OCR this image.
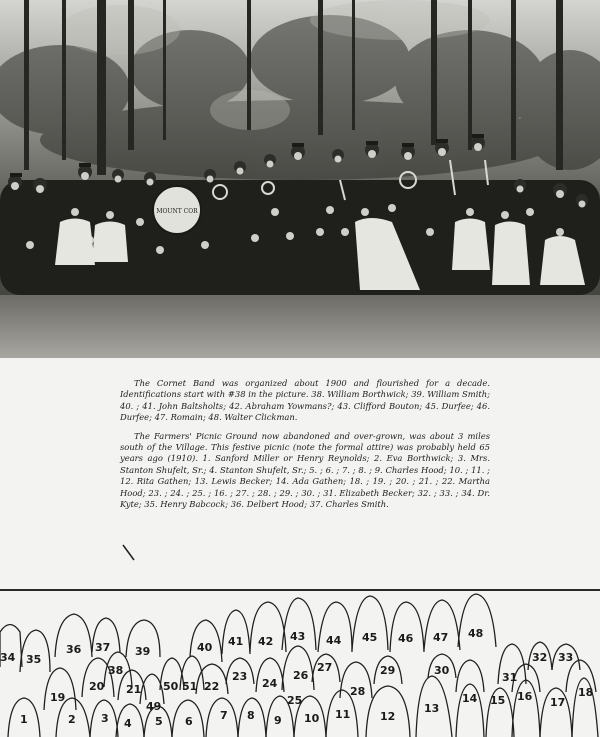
MOUNT COR

The Cornet Band was organized about 1900 and flourished for a decade. Identifications start with #38 in the picture. 38. William Borthwick; 39. William Smith; 40. ; 41. John Baltsholts; 42. Abraham Yowmans?; 43. Clifford Bouton; 45. Durfee; 46. Durfee; 47. Romain; 48. Walter Clickman.

The Farmers' Picnic Ground now abandoned and over-grown, was about 3 miles south of the Village. This festive picnic (note the formal attire) was probably held 65 years ago (1910). 1. Sanford Miller or Henry Reynolds; 2. Eva Borthwick; 3. Mrs. Stanton Shufelt, Sr.; 4. Stanton Shufelt, Sr.; 5. ; 6. ; 7. ; 8. ; 9. Charles Hood; 10. ; 11. ; 12. Rita Gathen; 13. Lewis Becker; 14. Ada Gathen; 18. ; 19. ; 20. ; 21. ; 22. Martha Hood; 23. ; 24. ; 25. ; 16. ; 27. ; 28. ; 29. ; 30. ; 31. Elizabeth Becker; 32. ; 33. ; 34. Dr. Kyte; 35. Henry Babcock; 36. Delbert Hood; 37. Charles Smith.

1	2 3 4 5 6 7 8 9 10 11	12
13
14 15 16 17
18
19
20 21	22
23
24
25
26
27
28
29	30
31
32 33
34 35
36 37
38
39	40 41 42 43 44 45 46 47 48
49
50 51
